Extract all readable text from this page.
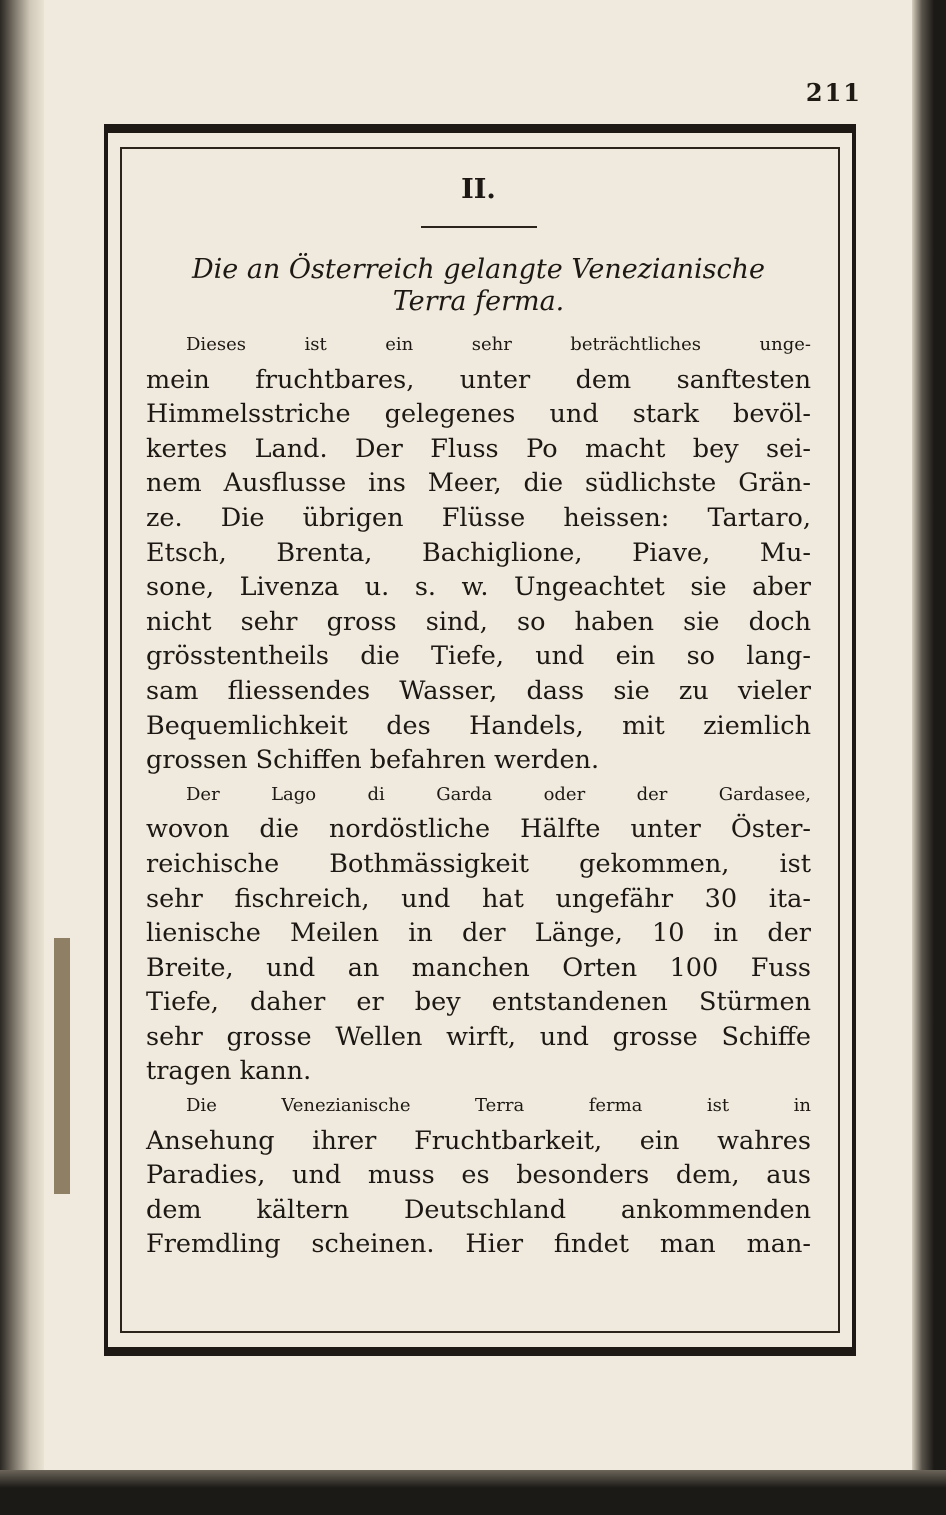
211
II.
Die an Österreich gelangte Venezianische
Terra ferma.
Dieses ist ein sehr beträchtliches unge-
mein fruchtbares, unter dem sanftesten
Himmelsstriche gelegenes und stark bevöl-
kertes Land. Der Fluss Po macht bey sei-
nem Ausflusse ins Meer, die südlichste Grän-
ze. Die übrigen Flüsse heissen: Tartaro,
Etsch, Brenta, Bachiglione, Piave, Mu-
sone, Livenza u. s. w. Ungeachtet sie aber
nicht sehr gross sind, so haben sie doch
grösstentheils die Tiefe, und ein so lang-
sam fliessendes Wasser, dass sie zu vieler
Bequemlichkeit des Handels, mit ziemlich
grossen Schiffen befahren werden.
Der Lago di Garda oder der Gardasee,
wovon die nordöstliche Hälfte unter Öster-
reichische Bothmässigkeit gekommen, ist
sehr fischreich, und hat ungefähr 30 ita-
lienische Meilen in der Länge, 10 in der
Breite, und an manchen Orten 100 Fuss
Tiefe, daher er bey entstandenen Stürmen
sehr grosse Wellen wirft, und grosse Schiffe
tragen kann.
Die Venezianische Terra ferma ist in
Ansehung ihrer Fruchtbarkeit, ein wahres
Paradies, und muss es besonders dem, aus
dem kältern Deutschland ankommenden
Fremdling scheinen. Hier findet man man-
